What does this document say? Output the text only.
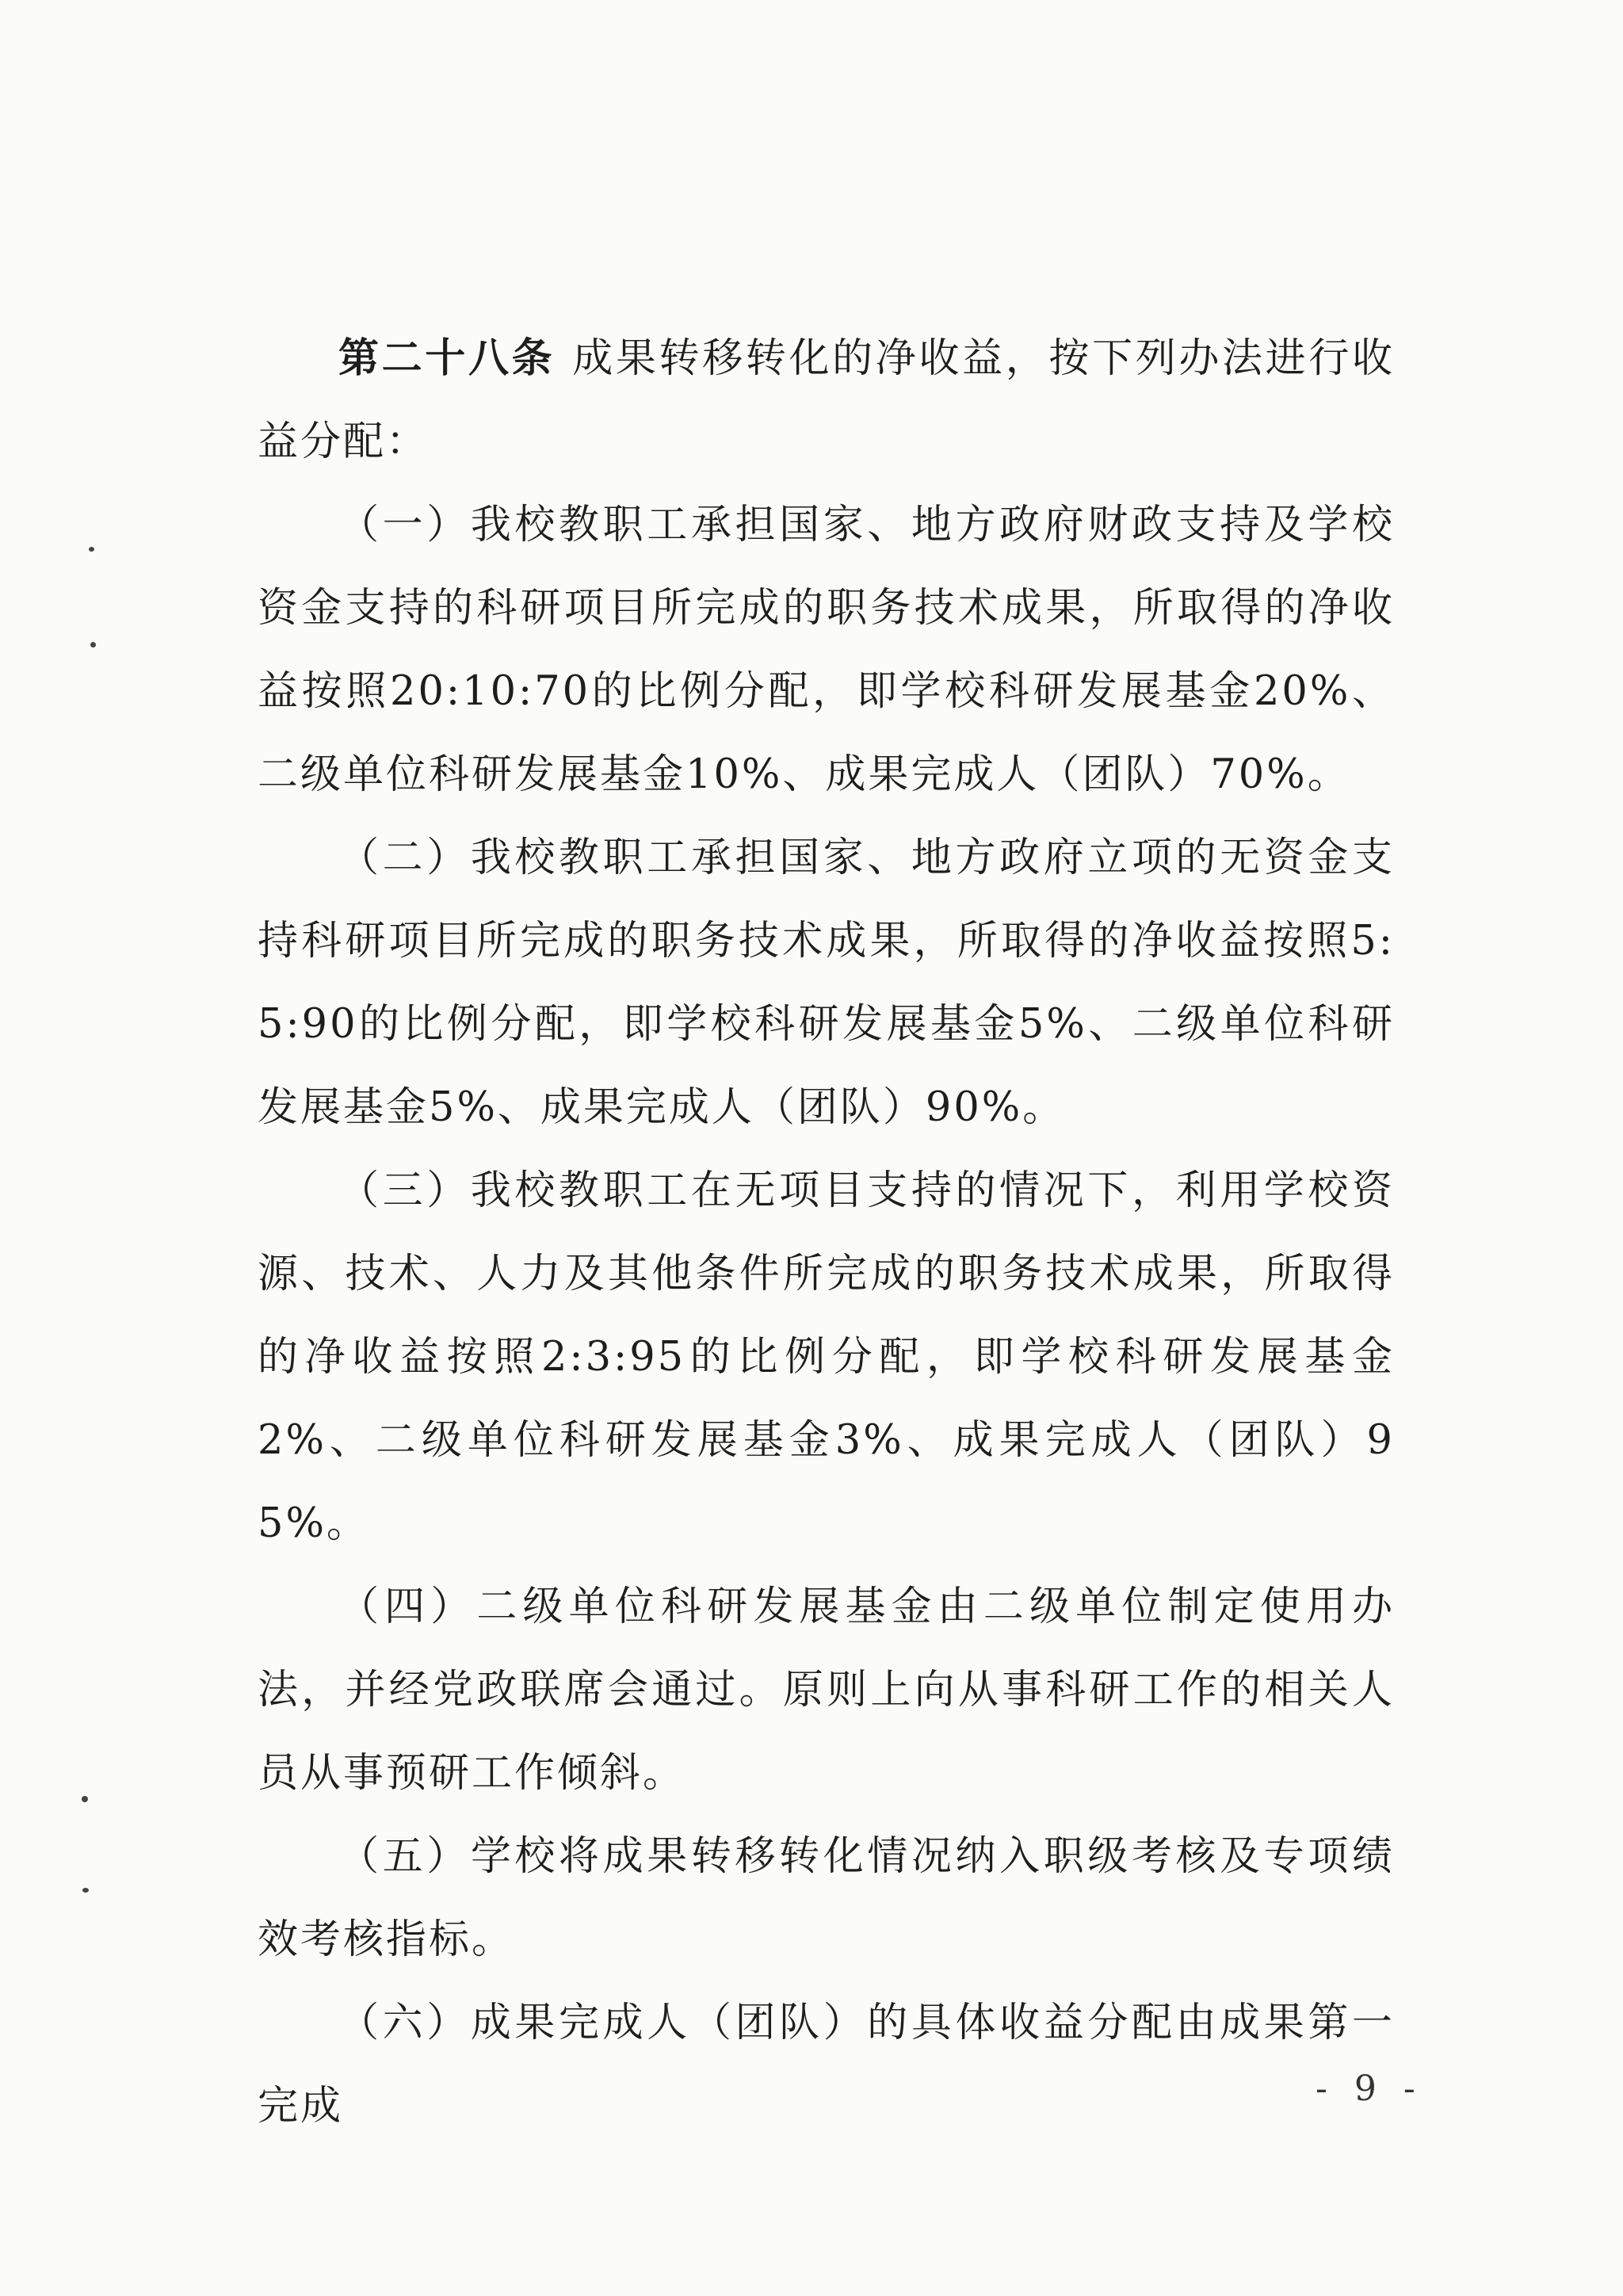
第二十八条 成果转移转化的净收益，按下列办法进行收益分配：

（一）我校教职工承担国家、地方政府财政支持及学校资金支持的科研项目所完成的职务技术成果，所取得的净收益按照20:10:70的比例分配，即学校科研发展基金20%、二级单位科研发展基金10%、成果完成人（团队）70%。

（二）我校教职工承担国家、地方政府立项的无资金支持科研项目所完成的职务技术成果，所取得的净收益按照5:5:90的比例分配，即学校科研发展基金5%、二级单位科研发展基金5%、成果完成人（团队）90%。

（三）我校教职工在无项目支持的情况下，利用学校资源、技术、人力及其他条件所完成的职务技术成果，所取得的净收益按照2:3:95的比例分配，即学校科研发展基金2%、二级单位科研发展基金3%、成果完成人（团队）95%。

（四）二级单位科研发展基金由二级单位制定使用办法，并经党政联席会通过。原则上向从事科研工作的相关人员从事预研工作倾斜。

（五）学校将成果转移转化情况纳入职级考核及专项绩效考核指标。

（六）成果完成人（团队）的具体收益分配由成果第一完成	- 9 -
